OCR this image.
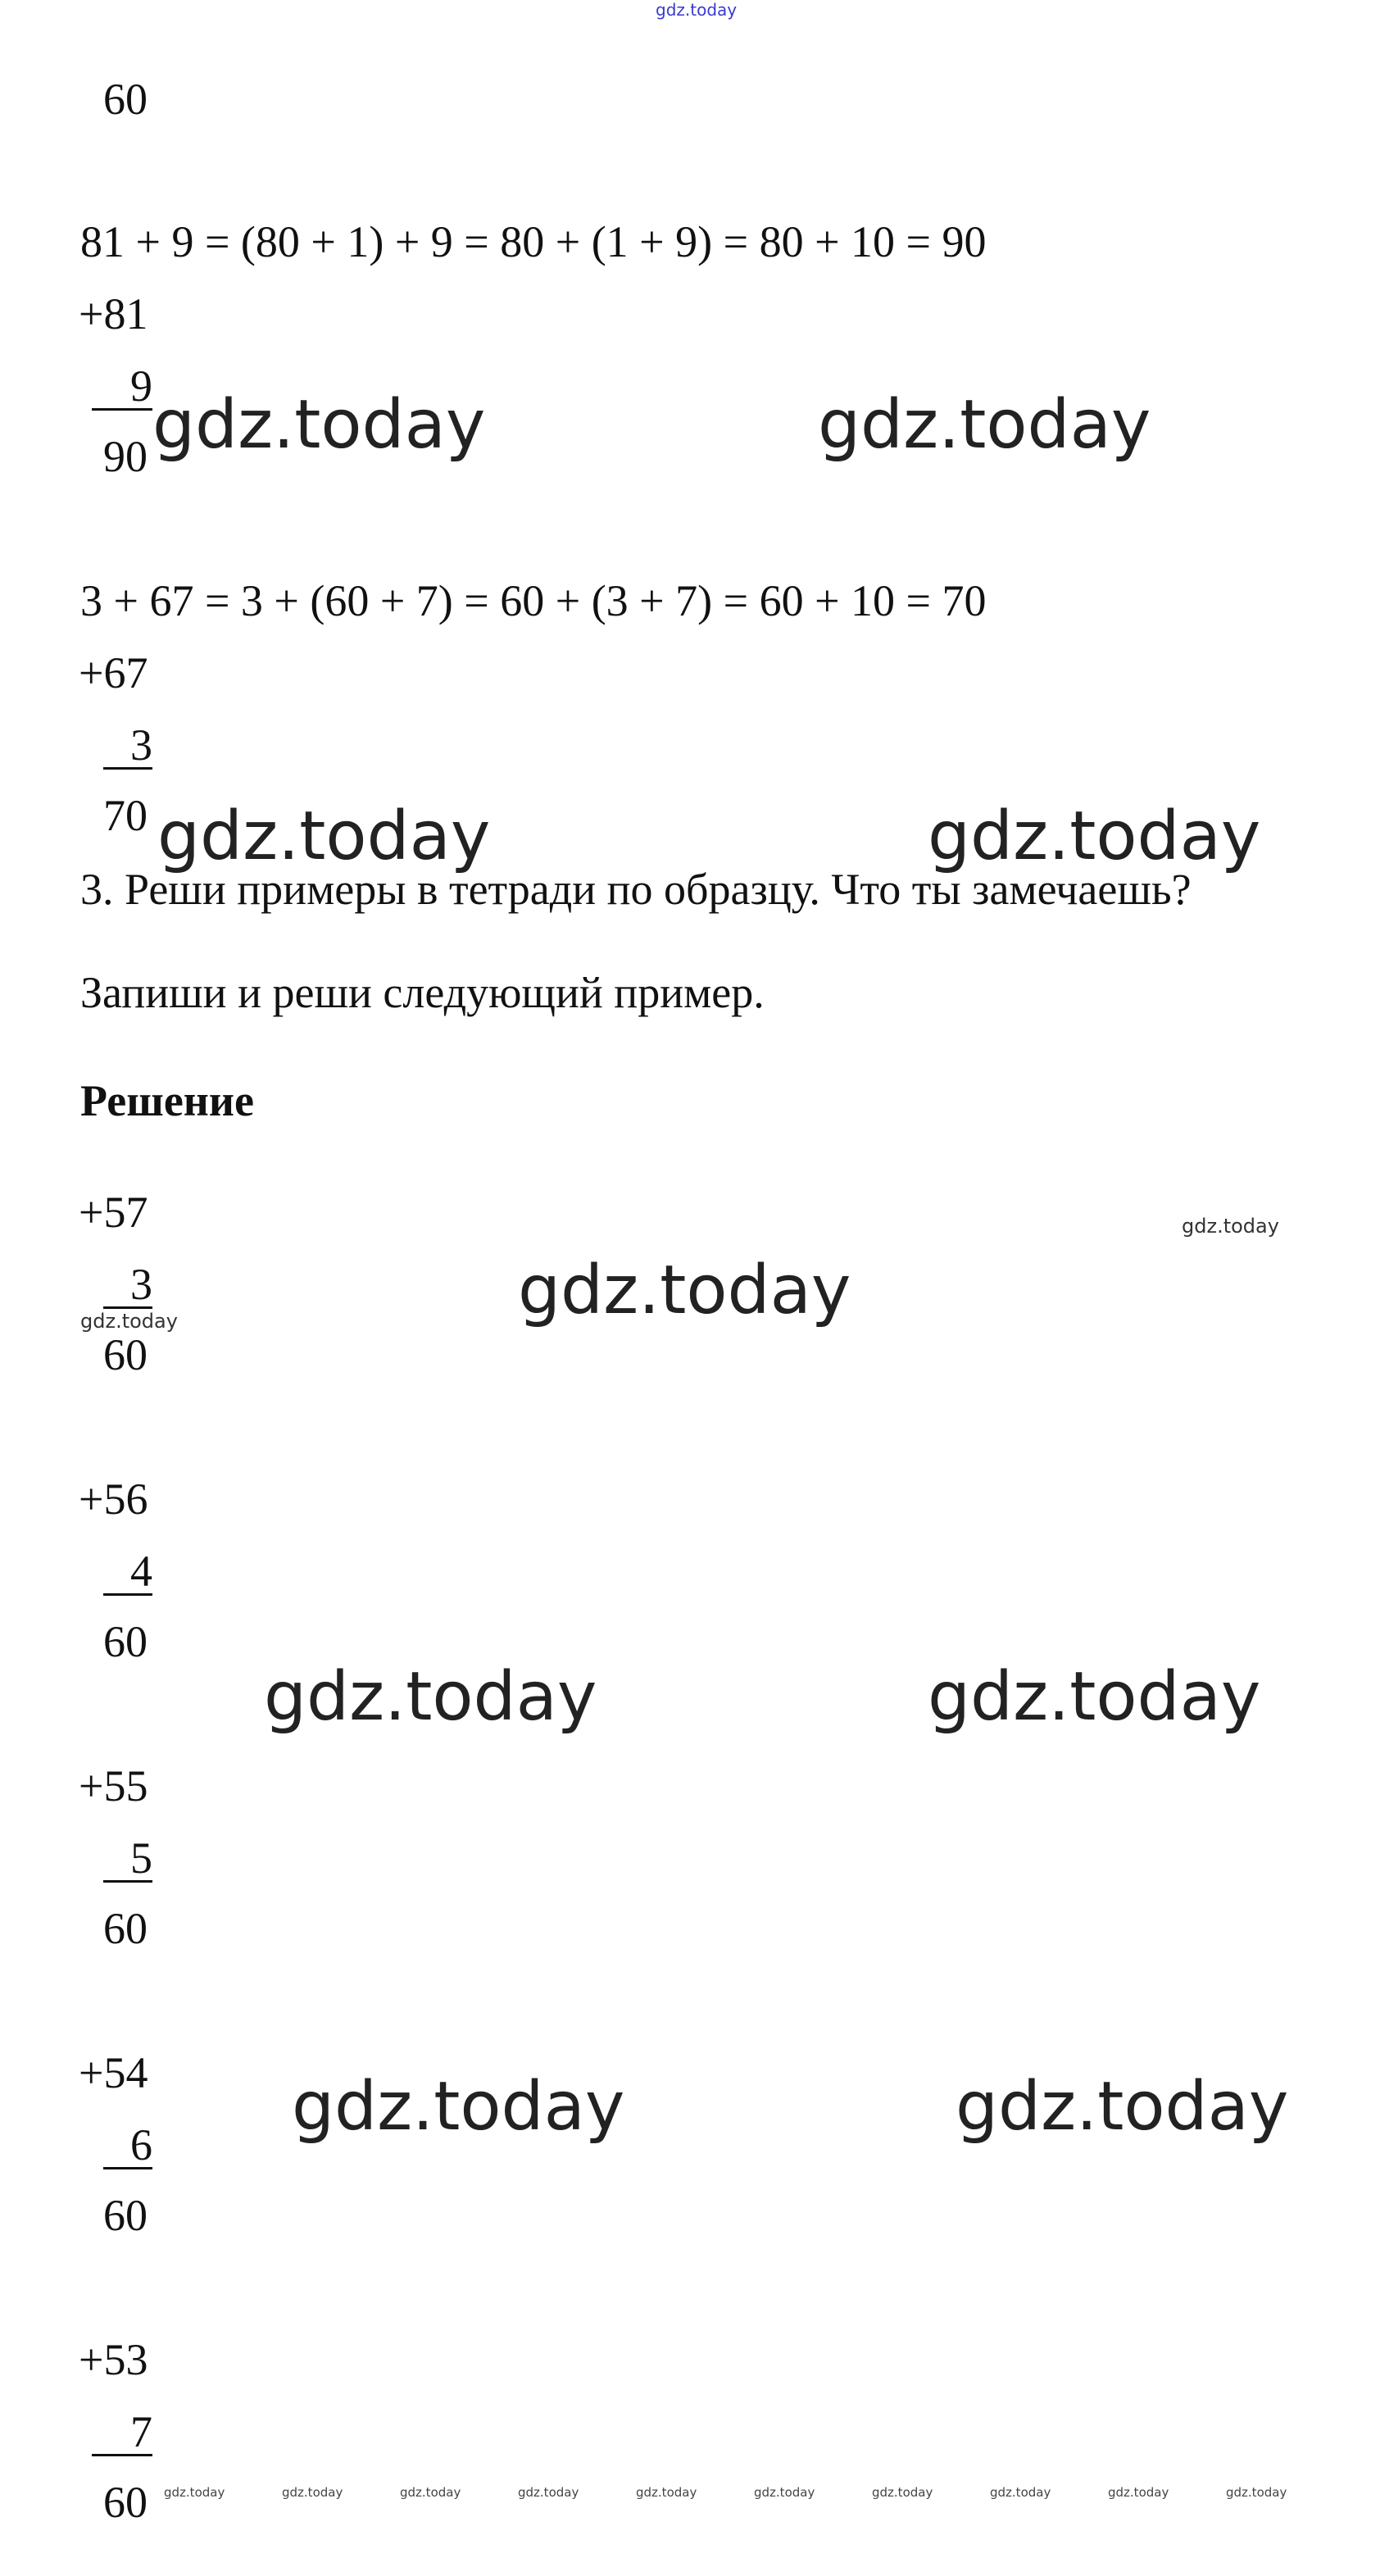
gdz.today
60
81 + 9 = (80 + 1) + 9 = 80 + (1 + 9) = 80 + 10 = 90
+81
9
90
3 + 67 = 3 + (60 + 7) = 60 + (3 + 7) = 60 + 10 = 70
+67
3
70
3. Реши примеры в тетради по образцу. Что ты замечаешь?
Запиши и реши следующий пример.
Решение
+57
3
60
+56
4
60
+55
5
60
+54
6
60
+53
7
60
gdz.today	gdz.today
gdz.today	gdz.today
gdz.today
gdz.today	gdz.today
gdz.today	gdz.today
gdz.today
gdz.today
gdz.today	gdz.today	gdz.today	gdz.today	gdz.today	gdz.today	gdz.today	gdz.today	gdz.today	gdz.today
